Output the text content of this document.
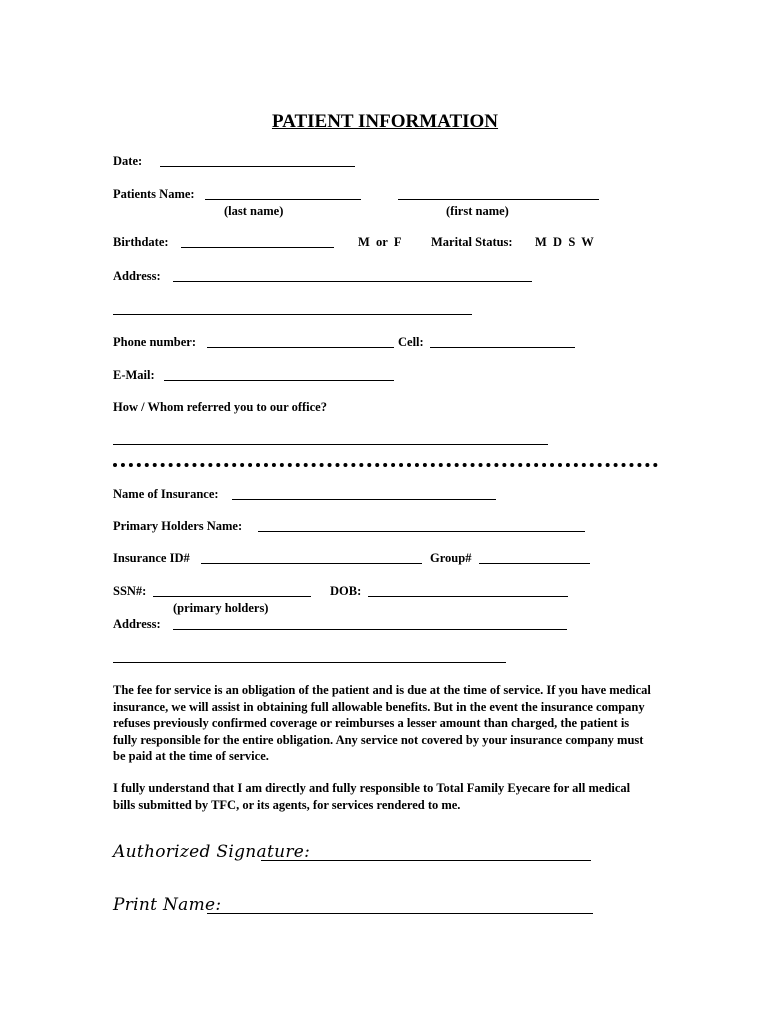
PATIENT INFORMATION
Date:
Patients Name:
(last name)	(first name)
Birthdate:	M  or  F Marital Status: M  D  S  W
Address:
Phone number:	Cell:
E-Mail:
How / Whom referred you to our office?
Name of Insurance:
Primary Holders Name:
Insurance ID#	Group#
SSN#:	DOB:
(primary holders)
Address:
The fee for service is an obligation of the patient and is due at the time of service. If you have medical insurance, we will assist in obtaining full allowable benefits. But in the event the insurance company refuses previously confirmed coverage or reimburses a lesser amount than charged, the patient is fully responsible for the entire obligation. Any service not covered by your insurance company must be paid at the time of service.
I fully understand that I am directly and fully responsible to Total Family Eyecare for all medical bills submitted by TFC, or its agents, for services rendered to me.
Authorized Signature:
Print Name:
